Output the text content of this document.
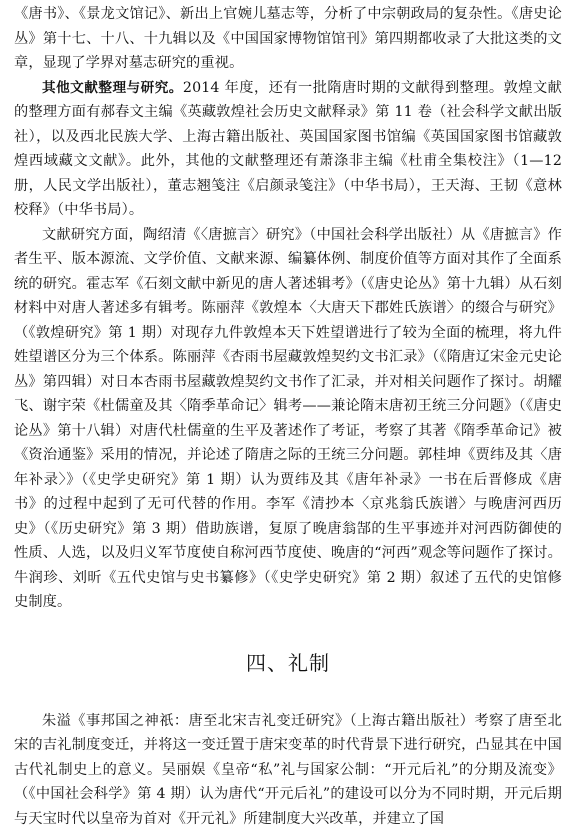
《唐书》、《景龙文馆记》、新出上官婉儿墓志等，分析了中宗朝政局的复杂性。《唐史论丛》第十七、十八、十九辑以及《中国国家博物馆馆刊》第四期都收录了大批这类的文章，显现了学界对墓志研究的重视。

其他文献整理与研究。2014 年度，还有一批隋唐时期的文献得到整理。敦煌文献的整理方面有郝春文主编《英藏敦煌社会历史文献释录》第 11 卷（社会科学文献出版社），以及西北民族大学、上海古籍出版社、英国国家图书馆编《英国国家图书馆藏敦煌西域藏文文献》。此外，其他的文献整理还有萧涤非主编《杜甫全集校注》（1—12 册，人民文学出版社），董志翘笺注《启颜录笺注》（中华书局），王天海、王韧《意林校释》（中华书局）。

文献研究方面，陶绍清《〈唐摭言〉研究》（中国社会科学出版社）从《唐摭言》作者生平、版本源流、文学价值、文献来源、编纂体例、制度价值等方面对其作了全面系统的研究。霍志军《石刻文献中新见的唐人著述辑考》（《唐史论丛》第十九辑）从石刻材料中对唐人著述多有辑考。陈丽萍《敦煌本〈大唐天下郡姓氏族谱〉的缀合与研究》（《敦煌研究》第 1 期）对现存九件敦煌本天下姓望谱进行了较为全面的梳理，将九件姓望谱区分为三个体系。陈丽萍《杏雨书屋藏敦煌契约文书汇录》（《隋唐辽宋金元史论丛》第四辑）对日本杏雨书屋藏敦煌契约文书作了汇录，并对相关问题作了探讨。胡耀飞、谢宇荣《杜儒童及其〈隋季革命记〉辑考——兼论隋末唐初王统三分问题》（《唐史论丛》第十八辑）对唐代杜儒童的生平及著述作了考证，考察了其著《隋季革命记》被《资治通鉴》采用的情况，并论述了隋唐之际的王统三分问题。郭桂坤《贾纬及其〈唐年补录〉》（《史学史研究》第 1 期）认为贾纬及其《唐年补录》一书在后晋修成《唐书》的过程中起到了无可代替的作用。李军《清抄本〈京兆翁氏族谱〉与晚唐河西历史》（《历史研究》第 3 期）借助族谱，复原了晚唐翁郜的生平事迹并对河西防御使的性质、人选，以及归义军节度使自称河西节度使、晚唐的“河西”观念等问题作了探讨。牛润珍、刘昕《五代史馆与史书纂修》（《史学史研究》第 2 期）叙述了五代的史馆修史制度。

四、礼制

朱溢《事邦国之神祇：唐至北宋吉礼变迁研究》（上海古籍出版社）考察了唐至北宋的吉礼制度变迁，并将这一变迁置于唐宋变革的时代背景下进行研究，凸显其在中国古代礼制史上的意义。吴丽娱《皇帝“私”礼与国家公制：“开元后礼”的分期及流变》（《中国社会科学》第 4 期）认为唐代“开元后礼”的建设可以分为不同时期，开元后期与天宝时代以皇帝为首对《开元礼》所建制度大兴改革，并建立了国
